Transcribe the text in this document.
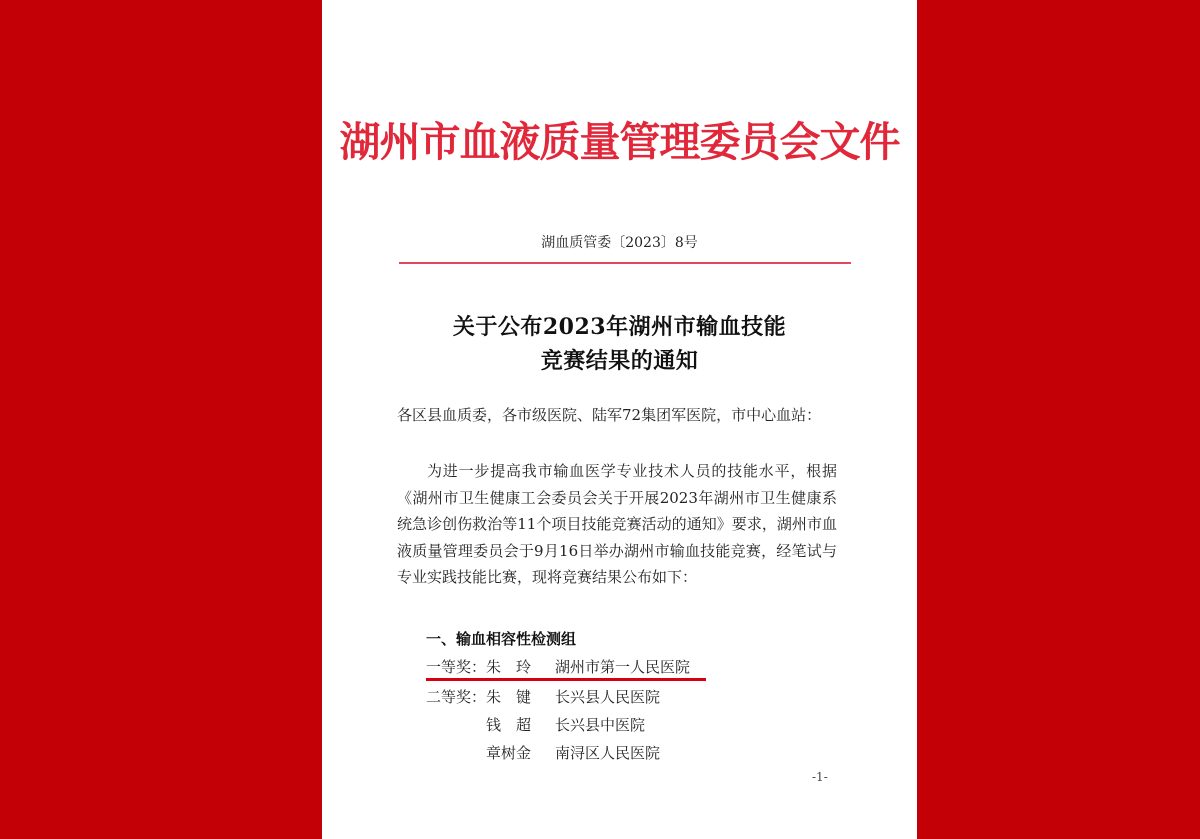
湖州市血液质量管理委员会文件
湖血质管委〔2023〕8号
关于公布2023年湖州市输血技能
竞赛结果的通知
各区县血质委，各市级医院、陆军72集团军医院，市中心血站：
为进一步提高我市输血医学专业技术人员的技能水平，根据《湖州市卫生健康工会委员会关于开展2023年湖州市卫生健康系统急诊创伤救治等11个项目技能竞赛活动的通知》要求，湖州市血液质量管理委员会于9月16日举办湖州市输血技能竞赛，经笔试与专业实践技能比赛，现将竞赛结果公布如下：
一、输血相容性检测组
一等奖： 朱　玲 湖州市第一人民医院
二等奖： 朱　键 长兴县人民医院
钱　超 长兴县中医院
章树金 南浔区人民医院
-1-
